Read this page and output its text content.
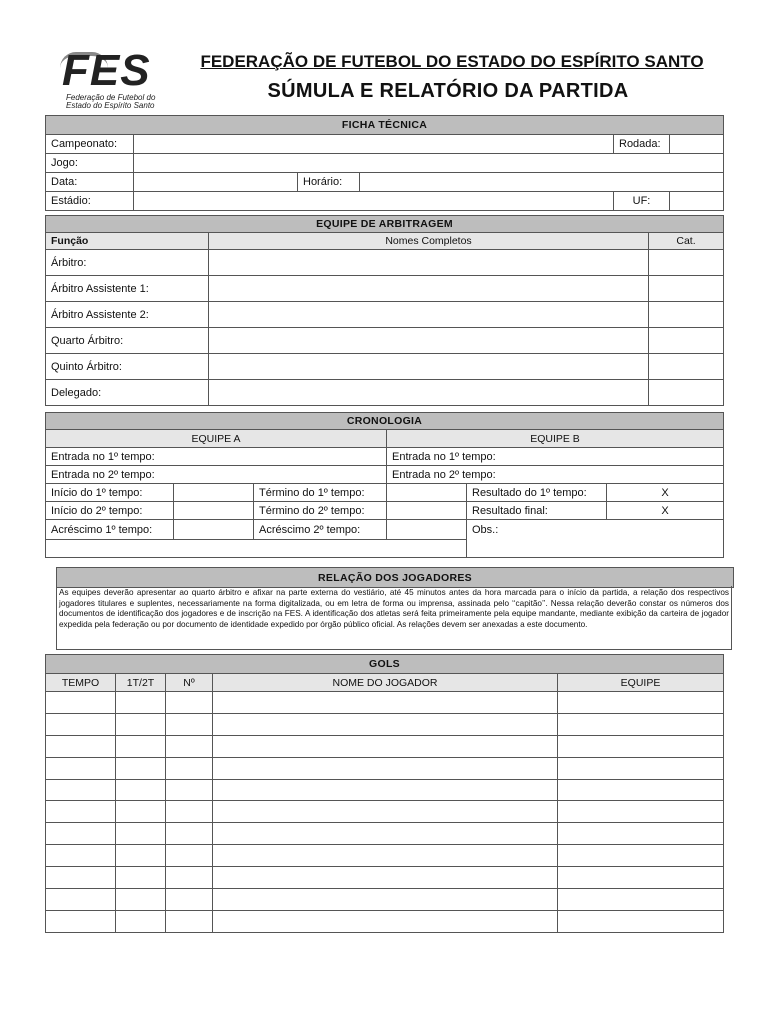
FES
Federação de Futebol do
Estado do Espírito Santo
FEDERAÇÃO DE FUTEBOL DO ESTADO DO ESPÍRITO SANTO
SÚMULA E RELATÓRIO DA PARTIDA
FICHA TÉCNICA					
Campeonato:				Rodada:	
Jogo:					
Data:		Horário:			
Estádio:				UF:	
EQUIPE DE ARBITRAGEM		
Função	Nomes Completos	Cat.
Árbitro:		
Árbitro Assistente 1:		
Árbitro Assistente 2:		
Quarto Árbitro:		
Quinto Árbitro:		
Delegado:		
CRONOLOGIA					
EQUIPE A			EQUIPE B		
Entrada no 1º tempo:			Entrada no 1º tempo:		
Entrada no 2º tempo:			Entrada no 2º tempo:		
Início do 1º tempo:		Término do 1º tempo:		Resultado do 1º tempo:	X
Início do 2º tempo:		Término do 2º tempo:		Resultado final:	X
Acréscimo 1º tempo:		Acréscimo 2º tempo:		Obs.:	

RELAÇÃO DOS JOGADORES
As equipes deverão apresentar ao quarto árbitro e afixar na parte externa do vestiário, até 45 minutos antes da hora marcada para o início da partida, a relação dos respectivos jogadores titulares e suplentes, necessariamente na forma digitalizada, ou em letra de forma ou imprensa, assinada pelo ‘‘capitão’’. Nessa relação deverão constar os números dos documentos de identificação dos jogadores e de inscrição na FES. A identificação dos atletas será feita primeiramente pela equipe mandante, mediante exibição da carteira de jogador expedida pela federação ou por documento de identidade expedido por órgão público oficial. As relações devem ser anexadas a este documento.
GOLS				
TEMPO	1T/2T	Nº	NOME DO JOGADOR	EQUIPE
